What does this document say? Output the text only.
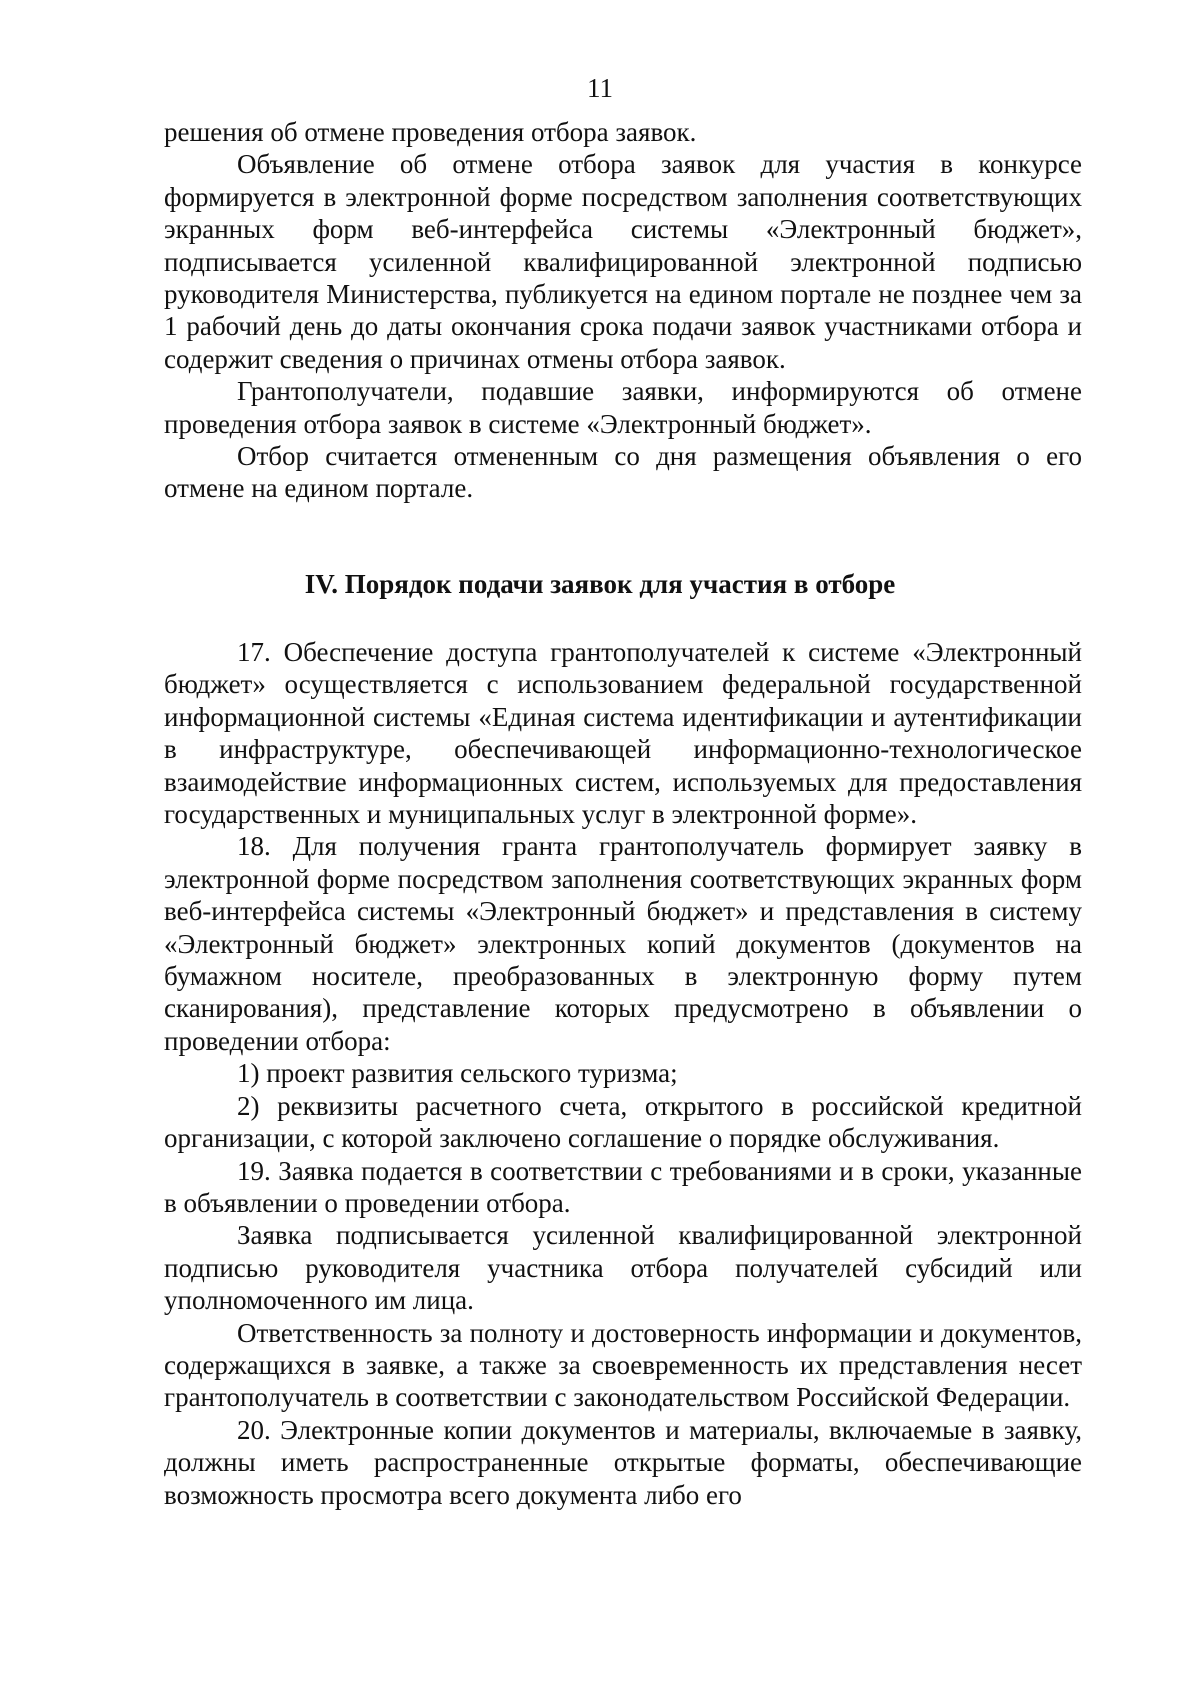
11

решения об отмене проведения отбора заявок.

Объявление об отмене отбора заявок для участия в конкурсе формируется в электронной форме посредством заполнения соответствующих экранных форм веб-интерфейса системы «Электронный бюджет», подписывается усиленной квалифицированной электронной подписью руководителя Министерства, публикуется на едином портале не позднее чем за 1 рабочий день до даты окончания срока подачи заявок участниками отбора и содержит сведения о причинах отмены отбора заявок.

Грантополучатели, подавшие заявки, информируются об отмене проведения отбора заявок в системе «Электронный бюджет».

Отбор считается отмененным со дня размещения объявления о его отмене на едином портале.

IV. Порядок подачи заявок для участия в отборе

17. Обеспечение доступа грантополучателей к системе «Электронный бюджет» осуществляется с использованием федеральной государственной информационной системы «Единая система идентификации и аутентификации в инфраструктуре, обеспечивающей информационно-технологическое взаимодействие информационных систем, используемых для предоставления государственных и муниципальных услуг в электронной форме».

18. Для получения гранта грантополучатель формирует заявку в электронной форме посредством заполнения соответствующих экранных форм веб-интерфейса системы «Электронный бюджет» и представления в систему «Электронный бюджет» электронных копий документов (документов на бумажном носителе, преобразованных в электронную форму путем сканирования), представление которых предусмотрено в объявлении о проведении отбора:

1) проект развития сельского туризма;

2) реквизиты расчетного счета, открытого в российской кредитной организации, с которой заключено соглашение о порядке обслуживания.

19. Заявка подается в соответствии с требованиями и в сроки, указанные в объявлении о проведении отбора.

Заявка подписывается усиленной квалифицированной электронной подписью руководителя участника отбора получателей субсидий или уполномоченного им лица.

Ответственность за полноту и достоверность информации и документов, содержащихся в заявке, а также за своевременность их представления несет грантополучатель в соответствии с законодательством Российской Федерации.

20. Электронные копии документов и материалы, включаемые в заявку, должны иметь распространенные открытые форматы, обеспечивающие возможность просмотра всего документа либо его
